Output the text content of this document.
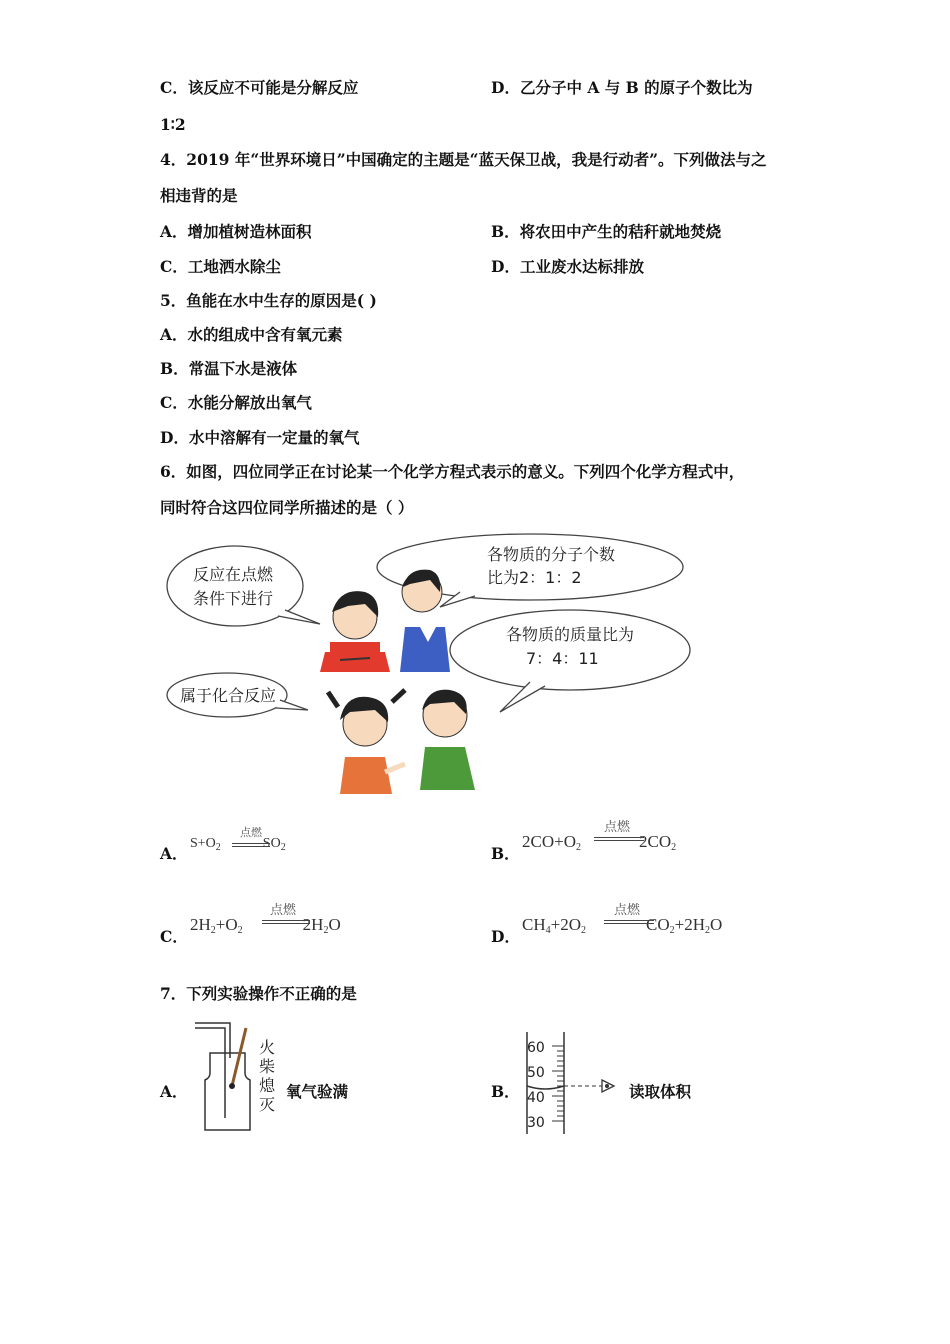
C．该反应不可能是分解反应	D．乙分子中 A 与 B 的原子个数比为
1∶2
4．2019 年“世界环境日”中国确定的主题是“蓝天保卫战，我是行动者”。下列做法与之
相违背的是
A．增加植树造林面积	B．将农田中产生的秸秆就地焚烧
C．工地洒水除尘	D．工业废水达标排放
5．鱼能在水中生存的原因是( )
A．水的组成中含有氧元素
B．常温下水是液体
C．水能分解放出氧气
D．水中溶解有一定量的氧气
6．如图，四位同学正在讨论某一个化学方程式表示的意义。下列四个化学方程式中，
同时符合这四位同学所描述的是（ ）
反应在点燃
条件下进行
各物质的分子个数
比为2：1：2
各物质的质量比为
7：4：11
属于化合反应
A．
$S+O_2$	$SO_2$
点燃
B．
$2CO+O_2$	$2CO_2$
点燃
C．
$2H_2+O_2$	$2H_2O$
点燃
D．
$CH_4+2O_2$	$CO_2+2H_2O$
点燃
7．下列实验操作不正确的是
A．
火
柴
熄
灭
氧气验满	B．
60
50
40
30
读取体积
